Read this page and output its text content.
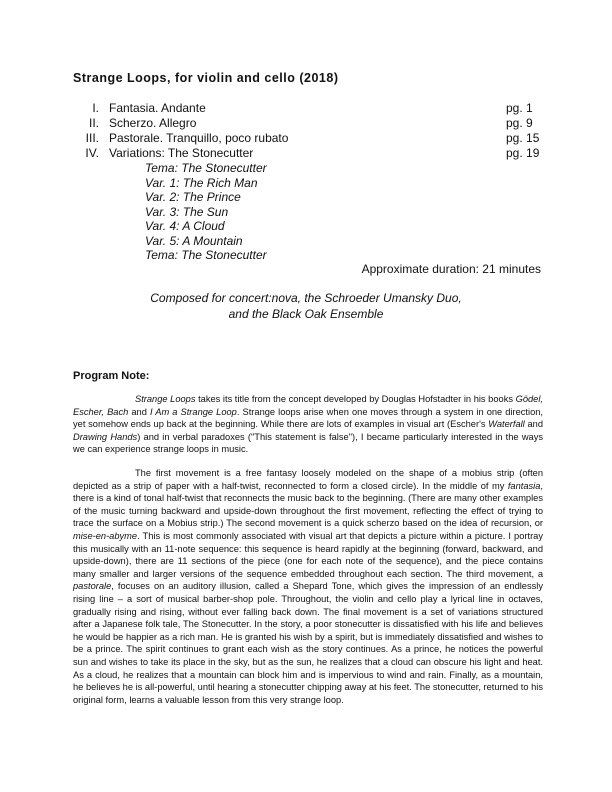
Strange Loops, for violin and cello (2018)
I. Fantasia. Andante	pg. 1
II. Scherzo. Allegro	pg. 9
III. Pastorale. Tranquillo, poco rubato	pg. 15
IV. Variations: The Stonecutter	pg. 19
Tema: The Stonecutter
Var. 1: The Rich Man
Var. 2: The Prince
Var. 3: The Sun
Var. 4: A Cloud
Var. 5: A Mountain
Tema: The Stonecutter
Approximate duration: 21 minutes
Composed for concert:nova, the Schroeder Umansky Duo,
and the Black Oak Ensemble
Program Note:

Strange Loops takes its title from the concept developed by Douglas Hofstadter in his books Gödel, Escher, Bach and I Am a Strange Loop. Strange loops arise when one moves through a system in one direction, yet somehow ends up back at the beginning. While there are lots of examples in visual art (Escher's Waterfall and Drawing Hands) and in verbal paradoxes ("This statement is false"), I became particularly interested in the ways we can experience strange loops in music.

The first movement is a free fantasy loosely modeled on the shape of a mobius strip (often depicted as a strip of paper with a half-twist, reconnected to form a closed circle). In the middle of my fantasia, there is a kind of tonal half-twist that reconnects the music back to the beginning. (There are many other examples of the music turning backward and upside-down throughout the first movement, reflecting the effect of trying to trace the surface on a Mobius strip.) The second movement is a quick scherzo based on the idea of recursion, or mise-en-abyme. This is most commonly associated with visual art that depicts a picture within a picture. I portray this musically with an 11-note sequence: this sequence is heard rapidly at the beginning (forward, backward, and upside-down), there are 11 sections of the piece (one for each note of the sequence), and the piece contains many smaller and larger versions of the sequence embedded throughout each section. The third movement, a pastorale, focuses on an auditory illusion, called a Shepard Tone, which gives the impression of an endlessly rising line – a sort of musical barber-shop pole. Throughout, the violin and cello play a lyrical line in octaves, gradually rising and rising, without ever falling back down. The final movement is a set of variations structured after a Japanese folk tale, The Stonecutter. In the story, a poor stonecutter is dissatisfied with his life and believes he would be happier as a rich man. He is granted his wish by a spirit, but is immediately dissatisfied and wishes to be a prince. The spirit continues to grant each wish as the story continues. As a prince, he notices the powerful sun and wishes to take its place in the sky, but as the sun, he realizes that a cloud can obscure his light and heat. As a cloud, he realizes that a mountain can block him and is impervious to wind and rain. Finally, as a mountain, he believes he is all-powerful, until hearing a stonecutter chipping away at his feet. The stonecutter, returned to his original form, learns a valuable lesson from this very strange loop.
